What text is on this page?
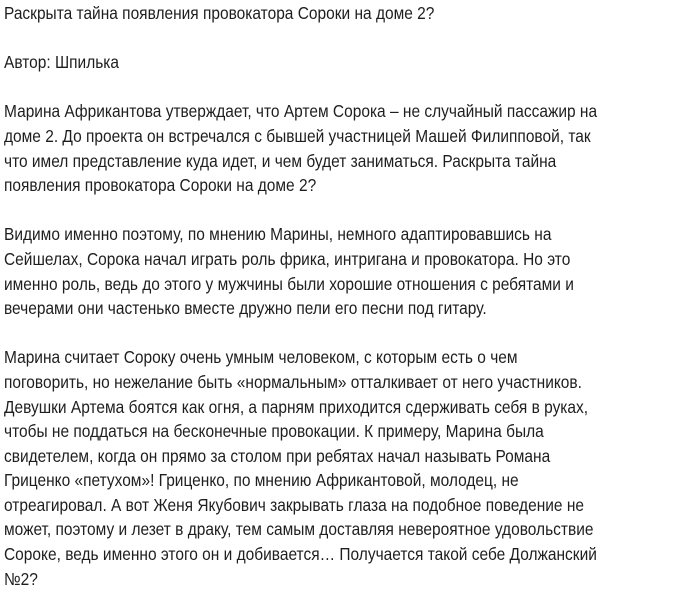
Раскрыта тайна появления провокатора Сороки на доме 2?
Автор: Шпилька
Марина Африкантова утверждает, что Артем Сорока – не случайный пассажир на
доме 2. До проекта он встречался с бывшей участницей Машей Филипповой, так
что имел представление куда идет, и чем будет заниматься. Раскрыта тайна
появления провокатора Сороки на доме 2?
Видимо именно поэтому, по мнению Марины, немного адаптировавшись на
Сейшелах, Сорока начал играть роль фрика, интригана и провокатора. Но это
именно роль, ведь до этого у мужчины были хорошие отношения с ребятами и
вечерами они частенько вместе дружно пели его песни под гитару.
Марина считает Сороку очень умным человеком, с которым есть о чем
поговорить, но нежелание быть «нормальным» отталкивает от него участников.
Девушки Артема боятся как огня, а парням приходится сдерживать себя в руках,
чтобы не поддаться на бесконечные провокации. К примеру, Марина была
свидетелем, когда он прямо за столом при ребятах начал называть Романа
Гриценко «петухом»! Гриценко, по мнению Африкантовой, молодец, не
отреагировал. А вот Женя Якубович закрывать глаза на подобное поведение не
может, поэтому и лезет в драку, тем самым доставляя невероятное удовольствие
Сороке, ведь именно этого он и добивается… Получается такой себе Должанский
№2?
